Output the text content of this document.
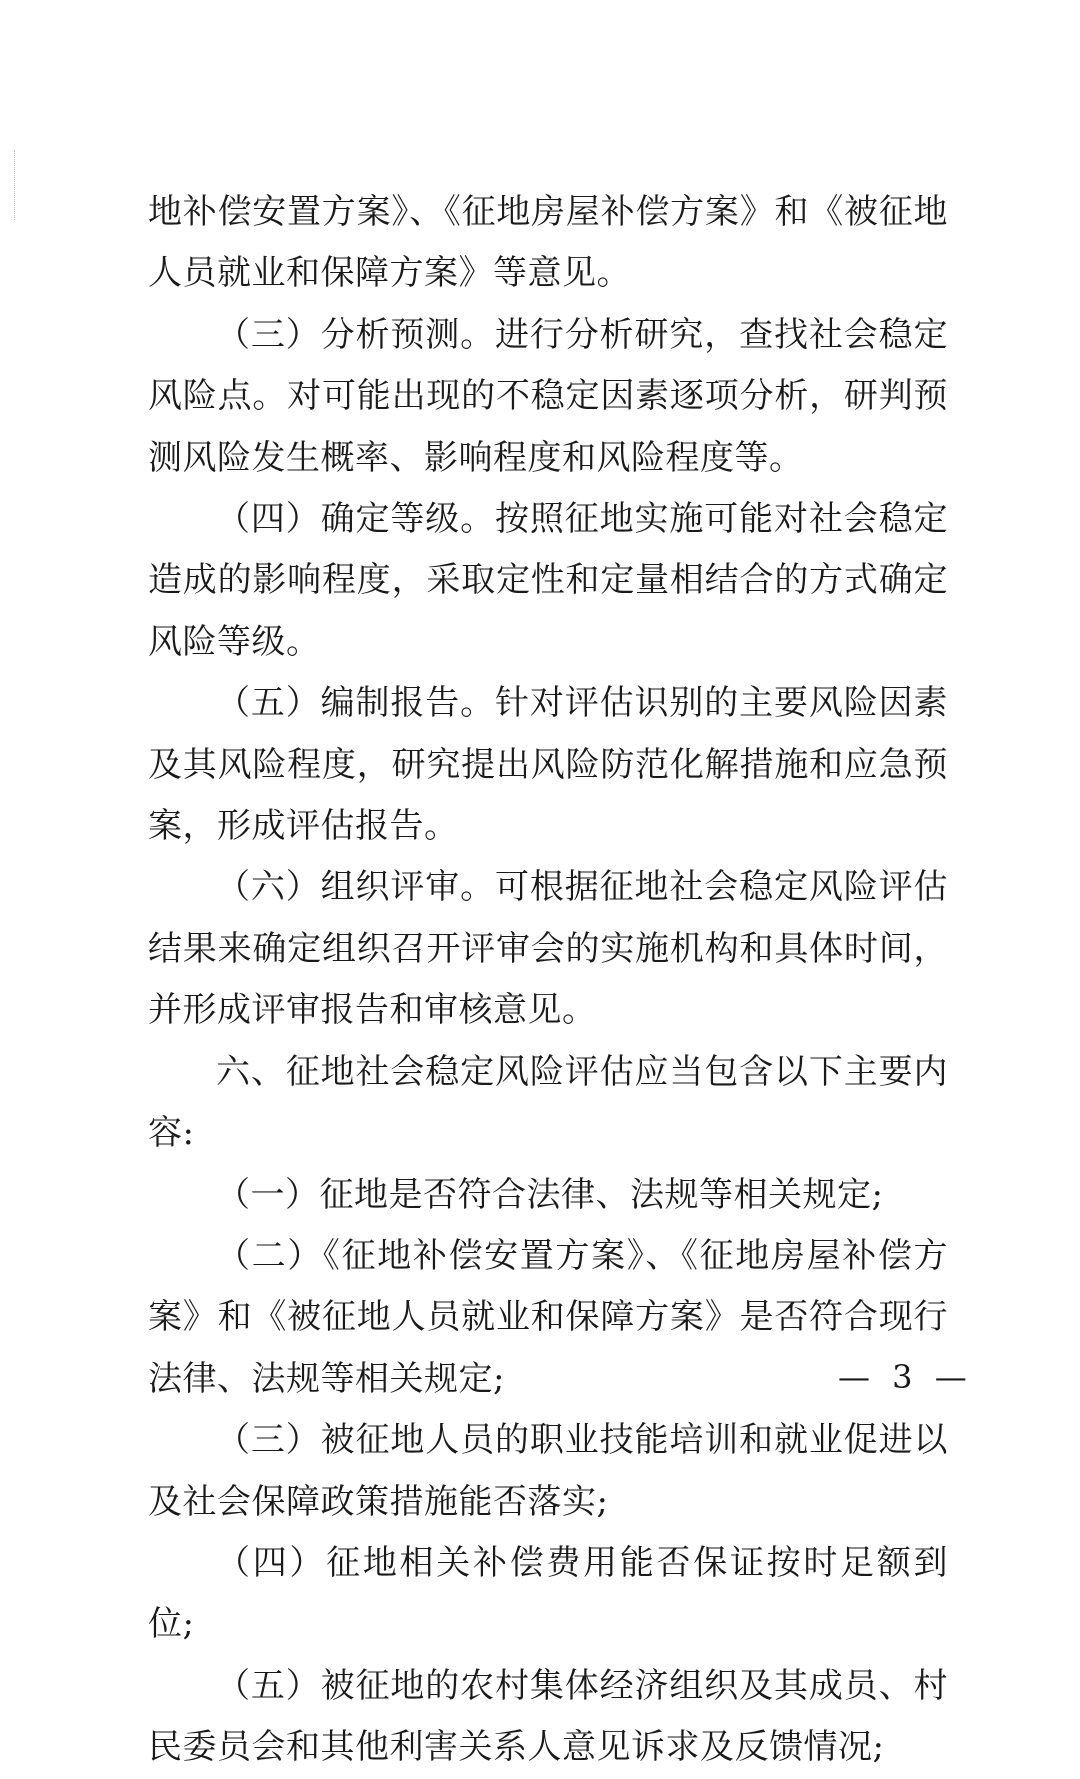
地补偿安置方案》、《征地房屋补偿方案》和《被征地人员就业和保障方案》等意见。

（三）分析预测。进行分析研究，查找社会稳定风险点。对可能出现的不稳定因素逐项分析，研判预测风险发生概率、影响程度和风险程度等。

（四）确定等级。按照征地实施可能对社会稳定造成的影响程度，采取定性和定量相结合的方式确定风险等级。

（五）编制报告。针对评估识别的主要风险因素及其风险程度，研究提出风险防范化解措施和应急预案，形成评估报告。

（六）组织评审。可根据征地社会稳定风险评估结果来确定组织召开评审会的实施机构和具体时间，并形成评审报告和审核意见。

六、征地社会稳定风险评估应当包含以下主要内容:

（一）征地是否符合法律、法规等相关规定;

（二）《征地补偿安置方案》、《征地房屋补偿方案》和《被征地人员就业和保障方案》是否符合现行法律、法规等相关规定;

（三）被征地人员的职业技能培训和就业促进以及社会保障政策措施能否落实;

（四）征地相关补偿费用能否保证按时足额到位;

（五）被征地的农村集体经济组织及其成员、村民委员会和其他利害关系人意见诉求及反馈情况;

— 3 —
